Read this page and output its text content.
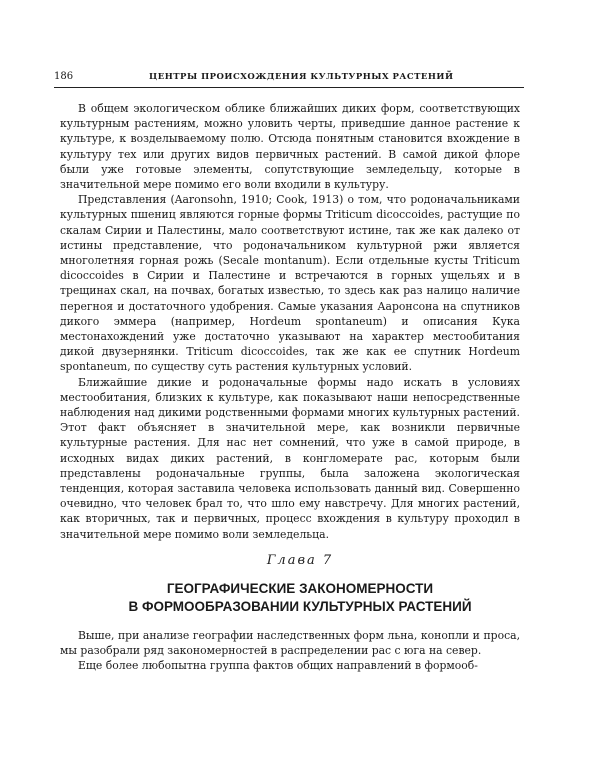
186	ЦЕНТРЫ ПРОИСХОЖДЕНИЯ КУЛЬТУРНЫХ РАСТЕНИЙ

В общем экологическом облике ближайших диких форм, соответствующих культурным растениям, можно уловить черты, приведшие данное растение к культуре, к возделываемому полю. Отсюда понятным становится вхождение в культуру тех или других видов первичных растений. В самой дикой флоре были уже готовые элементы, сопутствующие земледельцу, которые в значительной мере помимо его воли входили в культуру.

Представления (Aaronsohn, 1910; Cook, 1913) о том, что родоначальниками культурных пшениц являются горные формы Triticum dicoccoides, растущие по скалам Сирии и Палестины, мало соответствуют истине, так же как далеко от истины представление, что родоначальником культурной ржи является многолетняя горная рожь (Secale montanum). Если отдельные кусты Triticum dicoccoides в Сирии и Палестине и встречаются в горных ущельях и в трещинах скал, на почвах, богатых известью, то здесь как раз налицо наличие перегноя и достаточного удобрения. Самые указания Ааронсона на спутников дикого эммера (например, Hordeum spontaneum) и описания Кука местонахождений уже достаточно указывают на характер местообитания дикой двузернянки. Triticum dicoccoides, так же как ее спутник Hordeum spontaneum, по существу суть растения культурных условий.

Ближайшие дикие и родоначальные формы надо искать в условиях местообитания, близких к культуре, как показывают наши непосредственные наблюдения над дикими родственными формами многих культурных растений. Этот факт объясняет в значительной мере, как возникли первичные культурные растения. Для нас нет сомнений, что уже в самой природе, в исходных видах диких растений, в конгломерате рас, которым были представлены родоначальные группы, была заложена экологическая тенденция, которая заставила человека использовать данный вид. Совершенно очевидно, что человек брал то, что шло ему навстречу. Для многих растений, как вторичных, так и первичных, процесс вхождения в культуру проходил в значительной мере помимо воли земледельца.

Глава 7
ГЕОГРАФИЧЕСКИЕ ЗАКОНОМЕРНОСТИ
В ФОРМООБРАЗОВАНИИ КУЛЬТУРНЫХ РАСТЕНИЙ

Выше, при анализе географии наследственных форм льна, конопли и проса, мы разобрали ряд закономерностей в распределении рас с юга на север.

Еще более любопытна группа фактов общих направлений в формооб-
